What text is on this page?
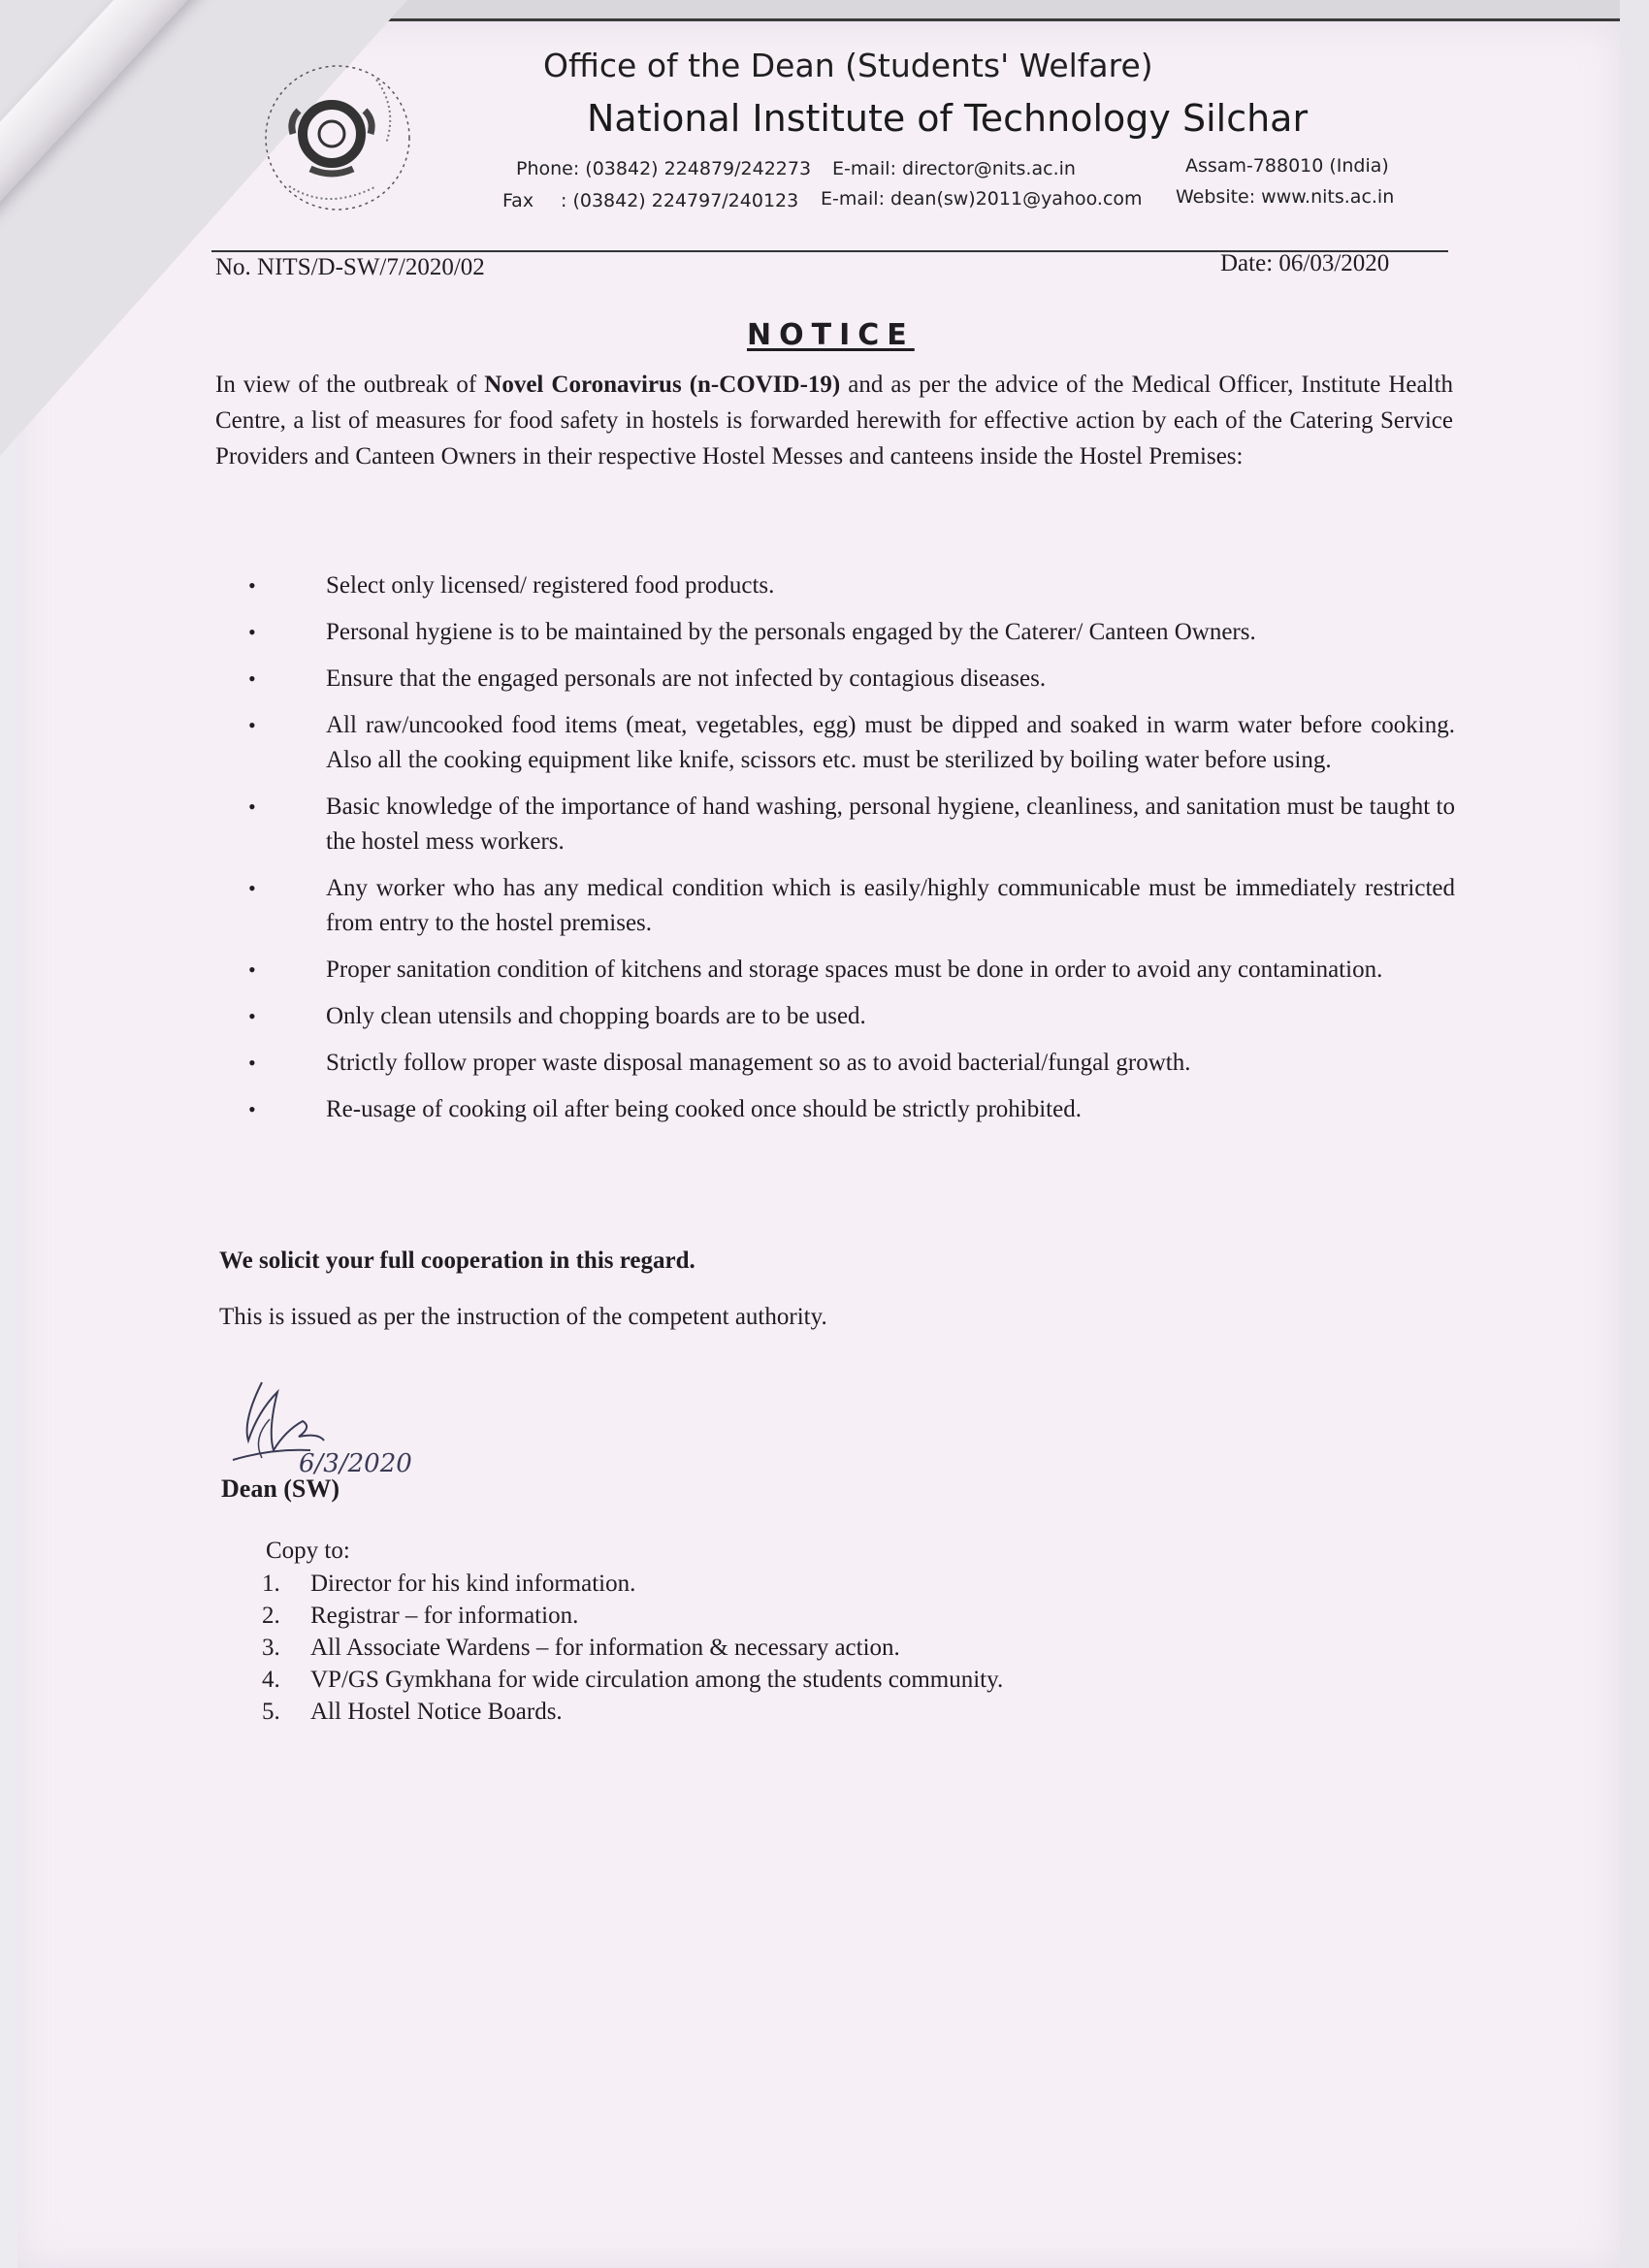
Office of the Dean (Students' Welfare)
National Institute of Technology Silchar
Phone: (03842) 224879/242273 E-mail: director@nits.ac.in	Assam-788010 (India)
Fax : (03842) 224797/240123 E-mail: dean(sw)2011@yahoo.com Website: www.nits.ac.in
No. NITS/D-SW/7/2020/02	Date: 06/03/2020
NOTICE
In view of the outbreak of Novel Coronavirus (n-COVID-19) and as per the advice of the Medical Officer, Institute Health Centre, a list of measures for food safety in hostels is forwarded herewith for effective action by each of the Catering Service Providers and Canteen Owners in their respective Hostel Messes and canteens inside the Hostel Premises:
• Select only licensed/ registered food products.
• Personal hygiene is to be maintained by the personals engaged by the Caterer/ Canteen Owners.
• Ensure that the engaged personals are not infected by contagious diseases.
• All raw/uncooked food items (meat, vegetables, egg) must be dipped and soaked in warm water before cooking. Also all the cooking equipment like knife, scissors etc. must be sterilized by boiling water before using.
• Basic knowledge of the importance of hand washing, personal hygiene, cleanliness, and sanitation must be taught to the hostel mess workers.
• Any worker who has any medical condition which is easily/highly communicable must be immediately restricted from entry to the hostel premises.
• Proper sanitation condition of kitchens and storage spaces must be done in order to avoid any contamination.
• Only clean utensils and chopping boards are to be used.
• Strictly follow proper waste disposal management so as to avoid bacterial/fungal growth.
• Re-usage of cooking oil after being cooked once should be strictly prohibited.
We solicit your full cooperation in this regard.
This is issued as per the instruction of the competent authority.
6/3/2020
Dean (SW)
Copy to:
1. Director for his kind information.
2. Registrar – for information.
3. All Associate Wardens – for information & necessary action.
4. VP/GS Gymkhana for wide circulation among the students community.
5. All Hostel Notice Boards.
